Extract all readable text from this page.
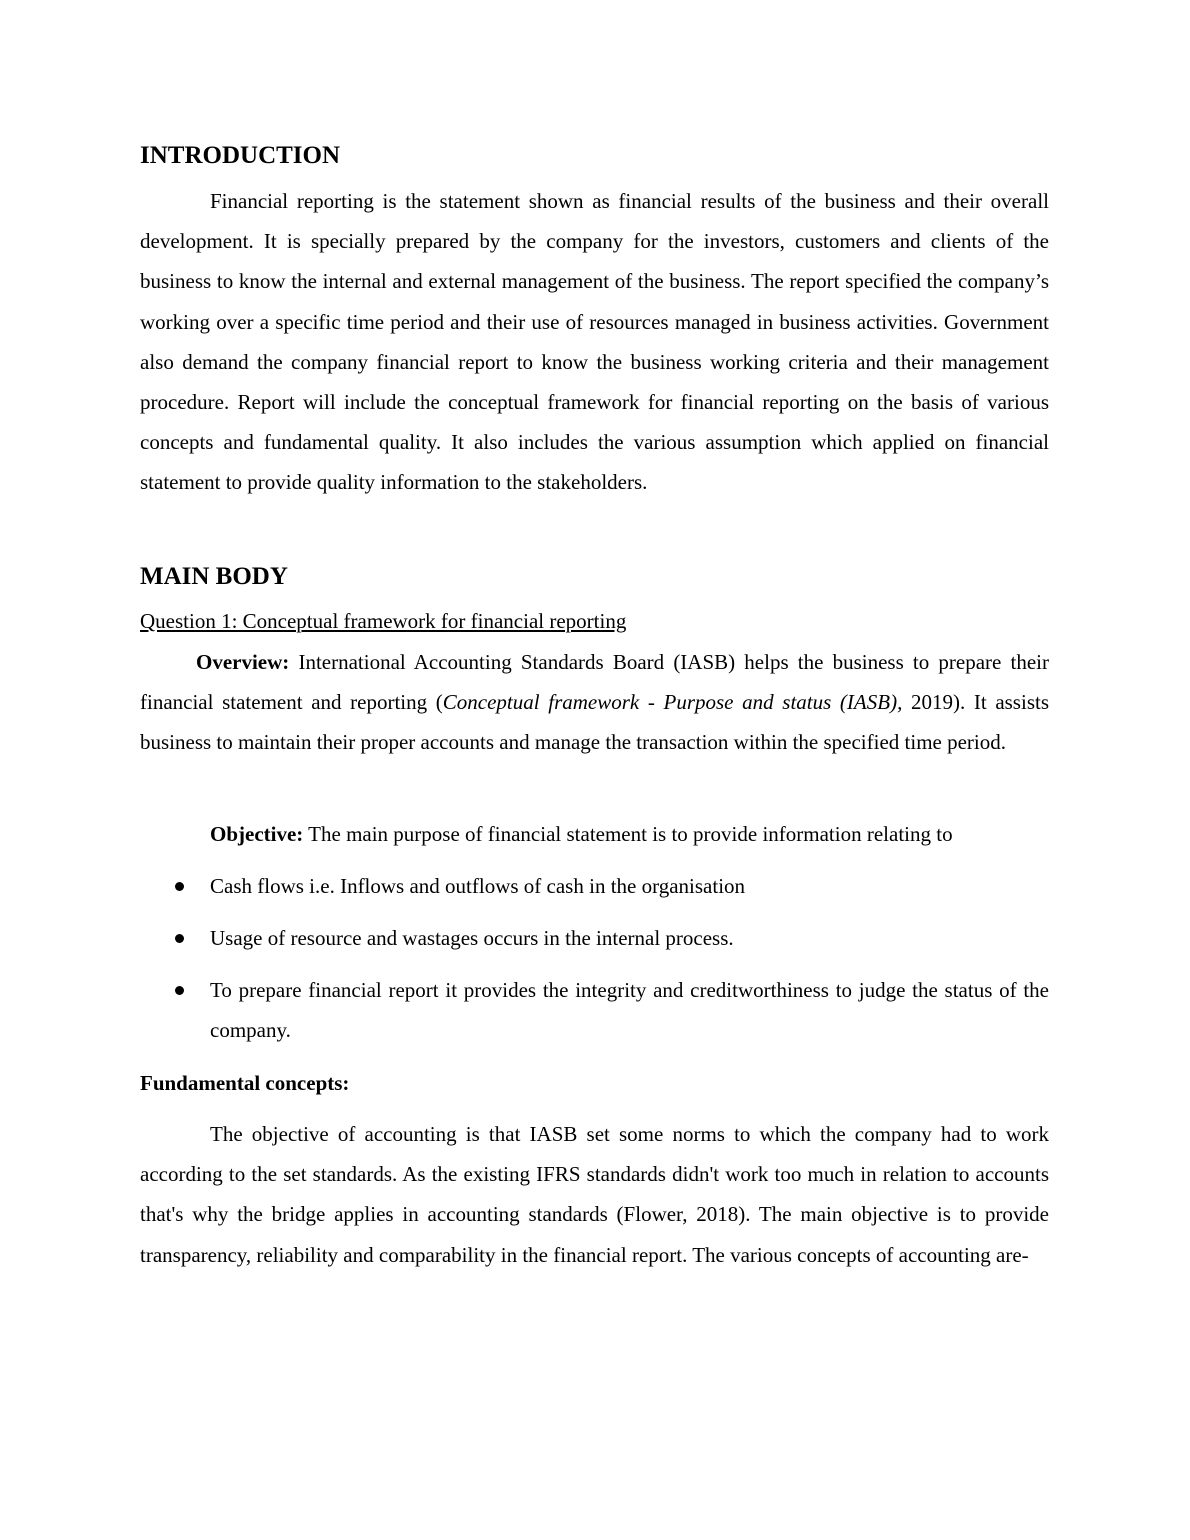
INTRODUCTION

Financial reporting is the statement shown as financial results of the business and their overall development. It is specially prepared by the company for the investors, customers and clients of the business to know the internal and external management of the business. The report specified the company’s working over a specific time period and their use of resources managed in business activities. Government also demand the company financial report to know the business working criteria and their management procedure. Report will include the conceptual framework for financial reporting on the basis of various concepts and fundamental quality. It also includes the various assumption which applied on financial statement to provide quality information to the stakeholders.

MAIN BODY

Question 1: Conceptual framework for financial reporting

Overview: International Accounting Standards Board (IASB) helps the business to prepare their financial statement and reporting (Conceptual framework - Purpose and status (IASB), 2019). It assists business to maintain their proper accounts and manage the transaction within the specified time period.

Objective: The main purpose of financial statement is to provide information relating to

Cash flows i.e. Inflows and outflows of cash in the organisation
Usage of resource and wastages occurs in the internal process.
To prepare financial report it provides the integrity and creditworthiness to judge the status of the company.

Fundamental concepts:

The objective of accounting is that IASB set some norms to which the company had to work according to the set standards. As the existing IFRS standards didn't work too much in relation to accounts that's why the bridge applies in accounting standards (Flower, 2018). The main objective is to provide transparency, reliability and comparability in the financial report. The various concepts of accounting are-
